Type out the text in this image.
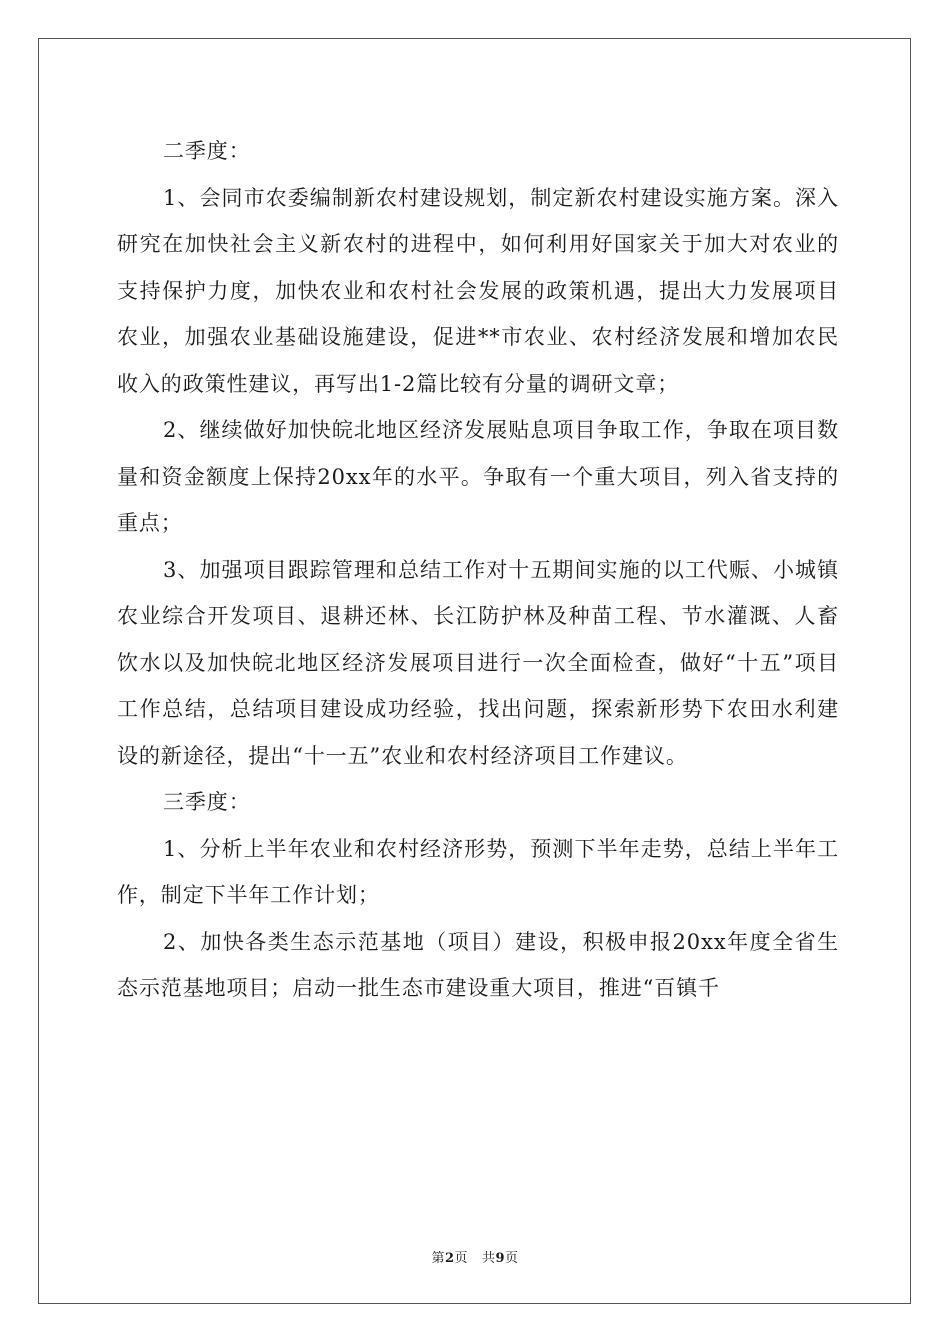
二季度：

1、会同市农委编制新农村建设规划，制定新农村建设实施方案。深入研究在加快社会主义新农村的进程中，如何利用好国家关于加大对农业的支持保护力度，加快农业和农村社会发展的政策机遇，提出大力发展项目农业，加强农业基础设施建设，促进**市农业、农村经济发展和增加农民收入的政策性建议，再写出1-2篇比较有分量的调研文章；

2、继续做好加快皖北地区经济发展贴息项目争取工作，争取在项目数量和资金额度上保持20xx年的水平。争取有一个重大项目，列入省支持的重点；

3、加强项目跟踪管理和总结工作对十五期间实施的以工代赈、小城镇农业综合开发项目、退耕还林、长江防护林及种苗工程、节水灌溉、人畜饮水以及加快皖北地区经济发展项目进行一次全面检查，做好“十五”项目工作总结，总结项目建设成功经验，找出问题，探索新形势下农田水利建设的新途径，提出“十一五”农业和农村经济项目工作建议。

三季度：

1、分析上半年农业和农村经济形势，预测下半年走势，总结上半年工作，制定下半年工作计划；

2、加快各类生态示范基地（项目）建设，积极申报20xx年度全省生态示范基地项目；启动一批生态市建设重大项目，推进“百镇千

第2页 共9页
